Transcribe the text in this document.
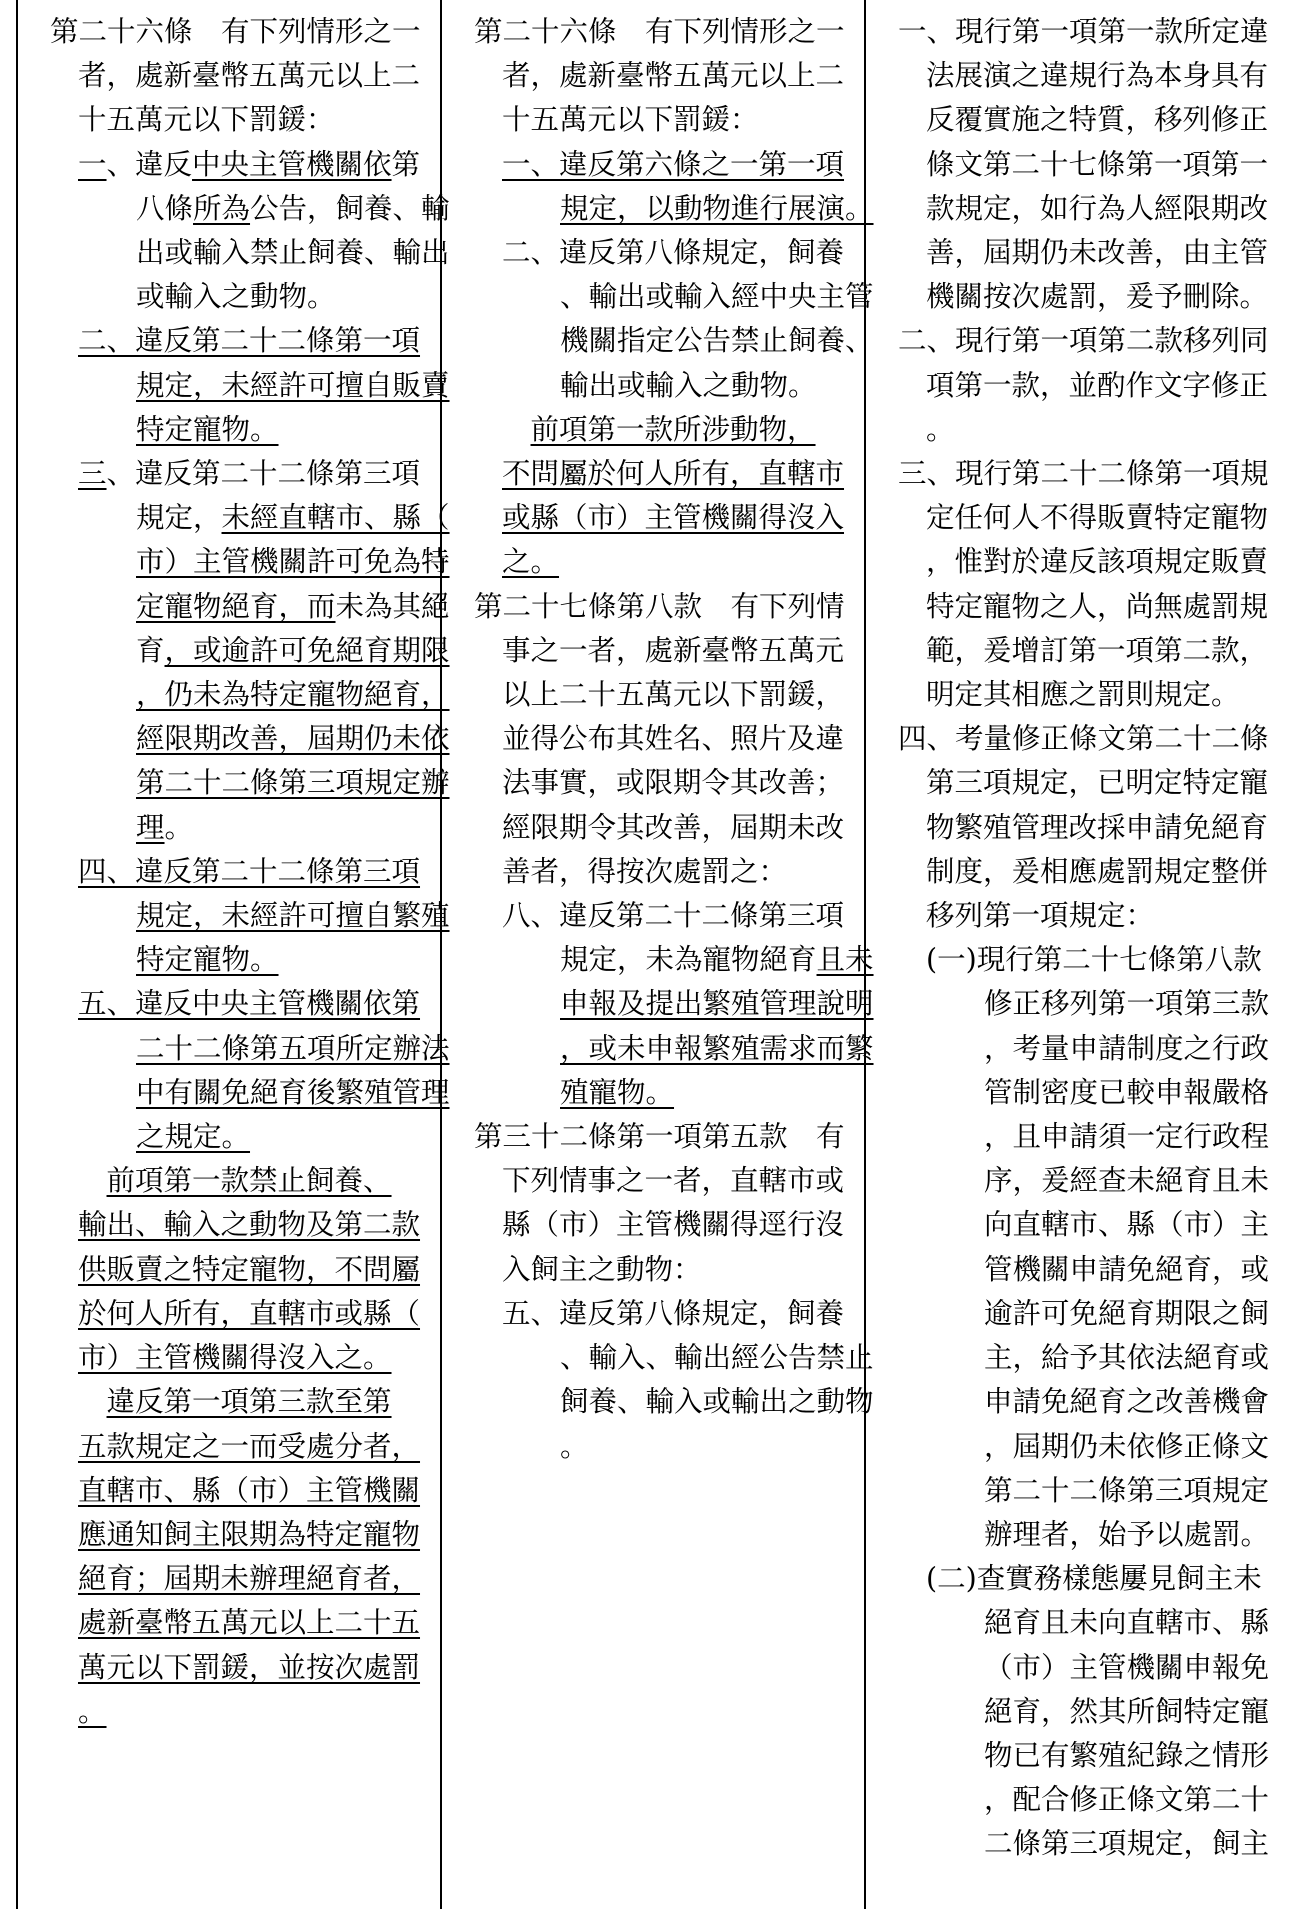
第二十六條　有下列情形之一

者，處新臺幣五萬元以上二

十五萬元以下罰鍰：

一、違反中央主管機關依第

八條所為公告，飼養、輸

出或輸入禁止飼養、輸出

或輸入之動物。

二、違反第二十二條第一項

規定，未經許可擅自販賣

特定寵物。

三、違反第二十二條第三項

規定，未經直轄市、縣（

市）主管機關許可免為特

定寵物絕育，而未為其絕

育，或逾許可免絕育期限

，仍未為特定寵物絕育，

經限期改善，屆期仍未依

第二十二條第三項規定辦

理。

四、違反第二十二條第三項

規定，未經許可擅自繁殖

特定寵物。

五、違反中央主管機關依第

二十二條第五項所定辦法

中有關免絕育後繁殖管理

之規定。

　前項第一款禁止飼養、

輸出、輸入之動物及第二款

供販賣之特定寵物，不問屬

於何人所有，直轄市或縣（

市）主管機關得沒入之。

　違反第一項第三款至第

五款規定之一而受處分者，

直轄市、縣（市）主管機關

應通知飼主限期為特定寵物

絕育；屆期未辦理絕育者，

處新臺幣五萬元以上二十五

萬元以下罰鍰，並按次處罰

。

第二十六條　有下列情形之一

者，處新臺幣五萬元以上二

十五萬元以下罰鍰：

一、違反第六條之一第一項

規定，以動物進行展演。

二、違反第八條規定，飼養

、輸出或輸入經中央主管

機關指定公告禁止飼養、

輸出或輸入之動物。

　前項第一款所涉動物，

不問屬於何人所有，直轄市

或縣（市）主管機關得沒入

之。

第二十七條第八款　有下列情

事之一者，處新臺幣五萬元

以上二十五萬元以下罰鍰，

並得公布其姓名、照片及違

法事實，或限期令其改善；

經限期令其改善，屆期未改

善者，得按次處罰之：

八、違反第二十二條第三項

規定，未為寵物絕育且未

申報及提出繁殖管理說明

，或未申報繁殖需求而繁

殖寵物。

第三十二條第一項第五款　有

下列情事之一者，直轄市或

縣（市）主管機關得逕行沒

入飼主之動物：

五、違反第八條規定，飼養

、輸入、輸出經公告禁止

飼養、輸入或輸出之動物

。

一、現行第一項第一款所定違

法展演之違規行為本身具有

反覆實施之特質，移列修正

條文第二十七條第一項第一

款規定，如行為人經限期改

善，屆期仍未改善，由主管

機關按次處罰，爰予刪除。

二、現行第一項第二款移列同

項第一款，並酌作文字修正

。

三、現行第二十二條第一項規

定任何人不得販賣特定寵物

，惟對於違反該項規定販賣

特定寵物之人，尚無處罰規

範，爰增訂第一項第二款，

明定其相應之罰則規定。

四、考量修正條文第二十二條

第三項規定，已明定特定寵

物繁殖管理改採申請免絕育

制度，爰相應處罰規定整併

移列第一項規定：

(一)現行第二十七條第八款

修正移列第一項第三款

，考量申請制度之行政

管制密度已較申報嚴格

，且申請須一定行政程

序，爰經查未絕育且未

向直轄市、縣（市）主

管機關申請免絕育，或

逾許可免絕育期限之飼

主，給予其依法絕育或

申請免絕育之改善機會

，屆期仍未依修正條文

第二十二條第三項規定

辦理者，始予以處罰。

(二)查實務樣態屢見飼主未

絕育且未向直轄市、縣

（市）主管機關申報免

絕育，然其所飼特定寵

物已有繁殖紀錄之情形

，配合修正條文第二十

二條第三項規定，飼主
